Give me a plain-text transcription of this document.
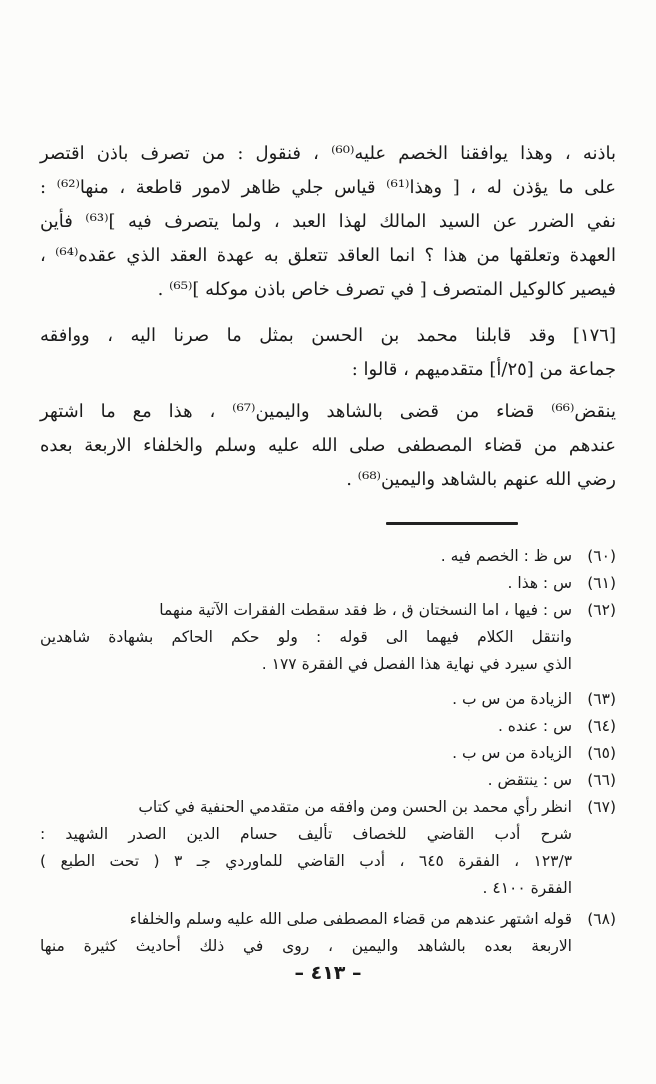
باذنه ، وهذا يوافقنا الخصم عليه⁽⁶⁰⁾ ، فنقول : من تصرف باذن اقتصر
على ما يؤذن له ، [ وهذا⁽⁶¹⁾ قياس جلي ظاهر لامور قاطعة ، منها⁽⁶²⁾ :
نفي الضرر عن السيد المالك لهذا العبد ، ولما يتصرف فيه ]⁽⁶³⁾ فأين
العهدة وتعلقها من هذا ؟ انما العاقد تتعلق به عهدة العقد الذي عقده⁽⁶⁴⁾ ،
فيصير كالوكيل المتصرف [ في تصرف خاص باذن موكله ]⁽⁶⁵⁾ .
[١٧٦] وقد قابلنا محمد بن الحسن بمثل ما صرنا اليه ، ووافقه
جماعة من [٢٥/أ] متقدميهم ، قالوا :
ينقض⁽⁶⁶⁾ قضاء من قضى بالشاهد واليمين⁽⁶⁷⁾ ، هذا مع ما اشتهر
عندهم من قضاء المصطفى صلى الله عليه وسلم والخلفاء الاربعة بعده
رضي الله عنهم بالشاهد واليمين⁽⁶⁸⁾ .
(٦٠)س ظ : الخصم فيه .
(٦١)س : هذا .
(٦٢)س : فيها ، اما النسختان ق ، ظ فقد سقطت الفقرات الآتية منهما
وانتقل الكلام فيهما الى قوله : ولو حكم الحاكم بشهادة شاهدين
الذي سيرد في نهاية هذا الفصل في الفقرة ١٧٧ .
(٦٣)الزيادة من س ب .
(٦٤)س : عنده .
(٦٥)الزيادة من س ب .
(٦٦)س : ينتقض .
(٦٧)انظر رأي محمد بن الحسن ومن وافقه من متقدمي الحنفية في كتاب
شرح أدب القاضي للخصاف تأليف حسام الدين الصدر الشهيد :
١٢٣/٣ ، الفقرة ٦٤٥ ، أدب القاضي للماوردي جـ ٣ ( تحت الطبع )
الفقرة ٤١٠٠ .
(٦٨)قوله اشتهر عندهم من قضاء المصطفى صلى الله عليه وسلم والخلفاء
الاربعة بعده بالشاهد واليمين ، روى في ذلك أحاديث كثيرة منها
– ٤١٣ –
